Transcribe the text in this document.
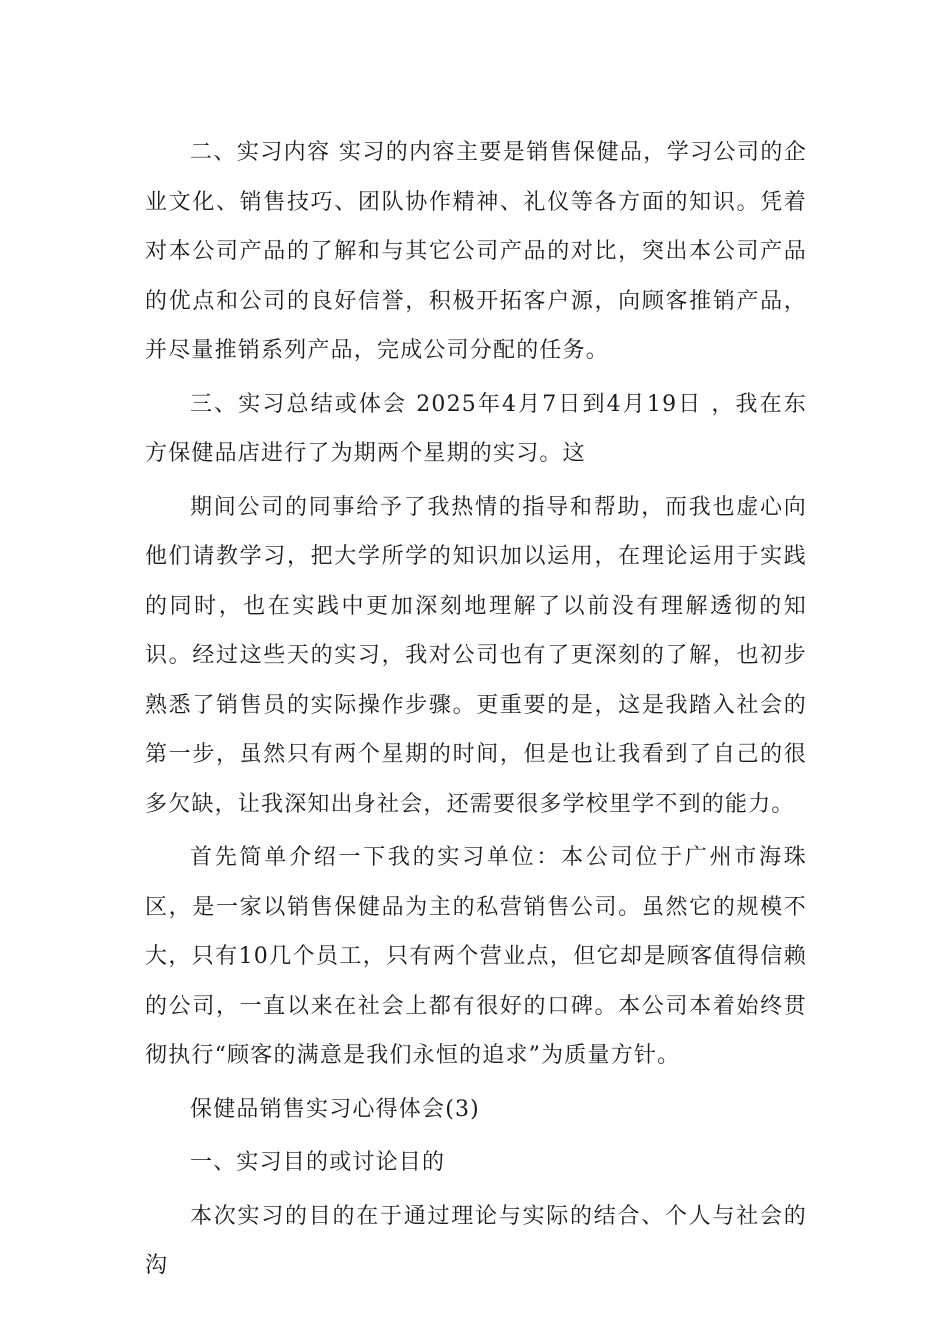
二、实习内容 实习的内容主要是销售保健品，学习公司的企业文化、销售技巧、团队协作精神、礼仪等各方面的知识。凭着对本公司产品的了解和与其它公司产品的对比，突出本公司产品的优点和公司的良好信誉，积极开拓客户源，向顾客推销产品，并尽量推销系列产品，完成公司分配的任务。

三、实习总结或体会 2025年4月7日到4月19日 ，我在东方保健品店进行了为期两个星期的实习。这

期间公司的同事给予了我热情的指导和帮助，而我也虚心向他们请教学习，把大学所学的知识加以运用，在理论运用于实践的同时，也在实践中更加深刻地理解了以前没有理解透彻的知识。经过这些天的实习，我对公司也有了更深刻的了解，也初步熟悉了销售员的实际操作步骤。更重要的是，这是我踏入社会的第一步，虽然只有两个星期的时间，但是也让我看到了自己的很多欠缺，让我深知出身社会，还需要很多学校里学不到的能力。

首先简单介绍一下我的实习单位：本公司位于广州市海珠区，是一家以销售保健品为主的私营销售公司。虽然它的规模不大，只有10几个员工，只有两个营业点，但它却是顾客值得信赖的公司，一直以来在社会上都有很好的口碑。本公司本着始终贯彻执行“顾客的满意是我们永恒的追求”为质量方针。

保健品销售实习心得体会(3)

一、实习目的或讨论目的

本次实习的目的在于通过理论与实际的结合、个人与社会的沟
